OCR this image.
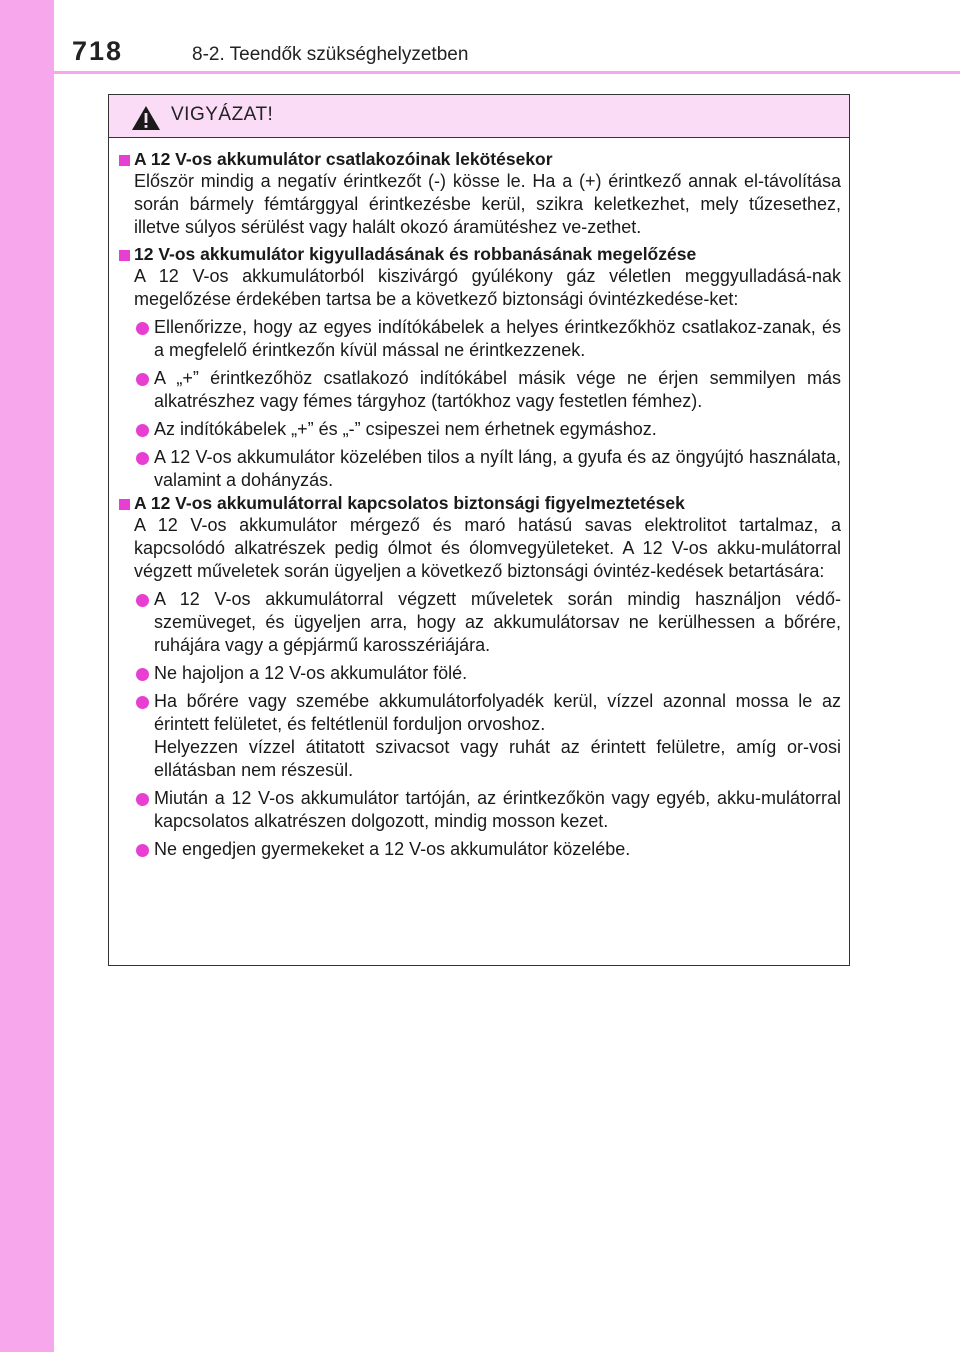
718	8-2. Teendők szükséghelyzetben
VIGYÁZAT!
A 12 V-os akkumulátor csatlakozóinak lekötésekor
Először mindig a negatív érintkezőt (-) kösse le. Ha a (+) érintkező annak el-távolítása során bármely fémtárggyal érintkezésbe kerül, szikra keletkezhet, mely tűzesethez, illetve súlyos sérülést vagy halált okozó áramütéshez ve-zethet.
12 V-os akkumulátor kigyulladásának és robbanásának megelőzése
A 12 V-os akkumulátorból kiszivárgó gyúlékony gáz véletlen meggyulladásá-nak megelőzése érdekében tartsa be a következő biztonsági óvintézkedése-ket:
Ellenőrizze, hogy az egyes indítókábelek a helyes érintkezőkhöz csatlakoz-zanak, és a megfelelő érintkezőn kívül mással ne érintkezzenek.
A „+” érintkezőhöz csatlakozó indítókábel másik vége ne érjen semmilyen más alkatrészhez vagy fémes tárgyhoz (tartókhoz vagy festetlen fémhez).
Az indítókábelek „+” és „-” csipeszei nem érhetnek egymáshoz.
A 12 V-os akkumulátor közelében tilos a nyílt láng, a gyufa és az öngyújtó használata, valamint a dohányzás.
A 12 V-os akkumulátorral kapcsolatos biztonsági figyelmeztetések
A 12 V-os akkumulátor mérgező és maró hatású savas elektrolitot tartalmaz, a kapcsolódó alkatrészek pedig ólmot és ólomvegyületeket. A 12 V-os akku-mulátorral végzett műveletek során ügyeljen a következő biztonsági óvintéz-kedések betartására:
A 12 V-os akkumulátorral végzett műveletek során mindig használjon védő-szemüveget, és ügyeljen arra, hogy az akkumulátorsav ne kerülhessen a bőrére, ruhájára vagy a gépjármű karosszériájára.
Ne hajoljon a 12 V-os akkumulátor fölé.
Ha bőrére vagy szemébe akkumulátorfolyadék kerül, vízzel azonnal mossa le az érintett felületet, és feltétlenül forduljon orvoshoz.
Helyezzen vízzel átitatott szivacsot vagy ruhát az érintett felületre, amíg or-vosi ellátásban nem részesül.
Miután a 12 V-os akkumulátor tartóján, az érintkezőkön vagy egyéb, akku-mulátorral kapcsolatos alkatrészen dolgozott, mindig mosson kezet.
Ne engedjen gyermekeket a 12 V-os akkumulátor közelébe.
